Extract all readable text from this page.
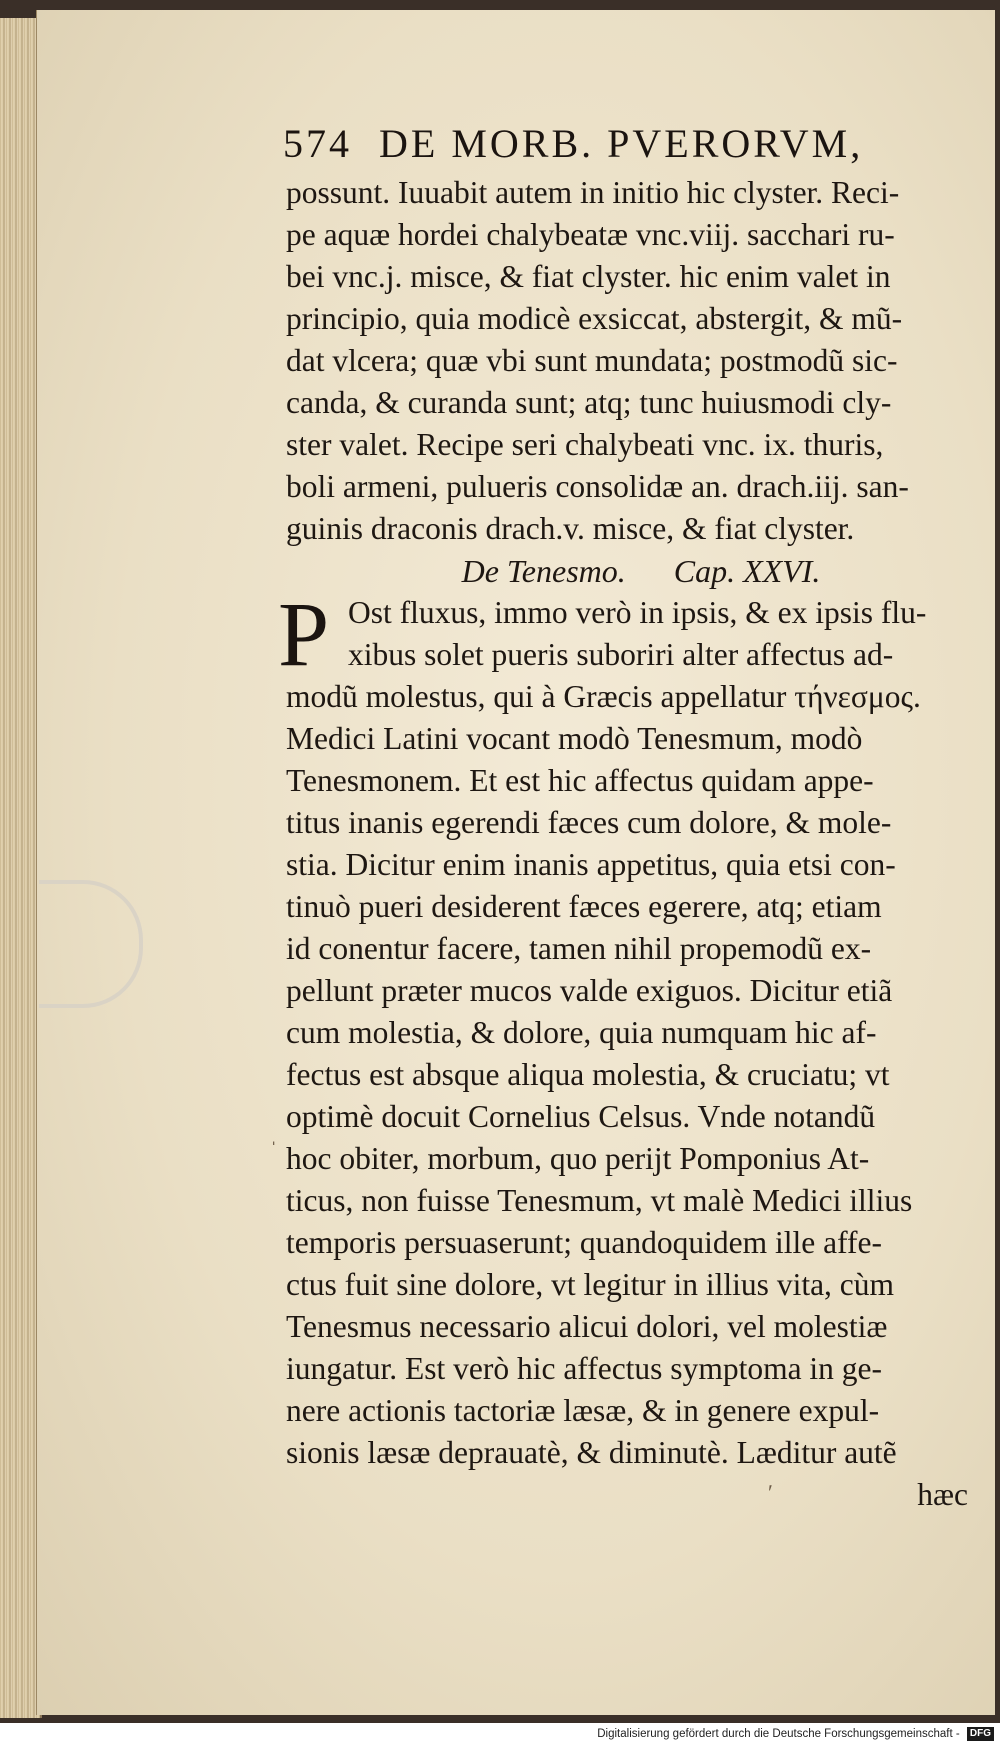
574 DE MORB. PVERORVM,
possunt. Iuuabit autem in initio hic clyster. Reci-
pe aquæ hordei chalybeatæ vnc.viij. sacchari ru-
bei vnc.j. misce, & fiat clyster. hic enim valet in
principio, quia modicè exsiccat, abstergit, & mũ-
dat vlcera; quæ vbi sunt mundata; postmodũ sic-
canda, & curanda sunt; atq; tunc huiusmodi cly-
ster valet. Recipe seri chalybeati vnc. ix. thuris,
boli armeni, pulueris consolidæ an. drach.iij. san-
guinis draconis drach.v. misce, & fiat clyster.
De Tenesmo. Cap. XXVI.
P Ost fluxus, immo verò in ipsis, & ex ipsis flu-
xibus solet pueris suboriri alter affectus ad-
modũ molestus, qui à Græcis appellatur τήνεσμος.
Medici Latini vocant modò Tenesmum, modò
Tenesmonem. Et est hic affectus quidam appe-
titus inanis egerendi fæces cum dolore, & mole-
stia. Dicitur enim inanis appetitus, quia etsi con-
tinuò pueri desiderent fæces egerere, atq; etiam
id conentur facere, tamen nihil propemodũ ex-
pellunt præter mucos valde exiguos. Dicitur etiã
cum molestia, & dolore, quia numquam hic af-
fectus est absque aliqua molestia, & cruciatu; vt
optimè docuit Cornelius Celsus. Vnde notandũ
hoc obiter, morbum, quo perijt Pomponius At-
ticus, non fuisse Tenesmum, vt malè Medici illius
temporis persuaserunt; quandoquidem ille affe-
ctus fuit sine dolore, vt legitur in illius vita, cùm
Tenesmus necessario alicui dolori, vel molestiæ
iungatur. Est verò hic affectus symptoma in ge-
nere actionis tactoriæ læsæ, & in genere expul-
sionis læsæ deprauatè, & diminutè. Læditur autẽ
hæc
ˌ
ʹ
Digitalisierung gefördert durch die Deutsche Forschungsgemeinschaft - DFG
